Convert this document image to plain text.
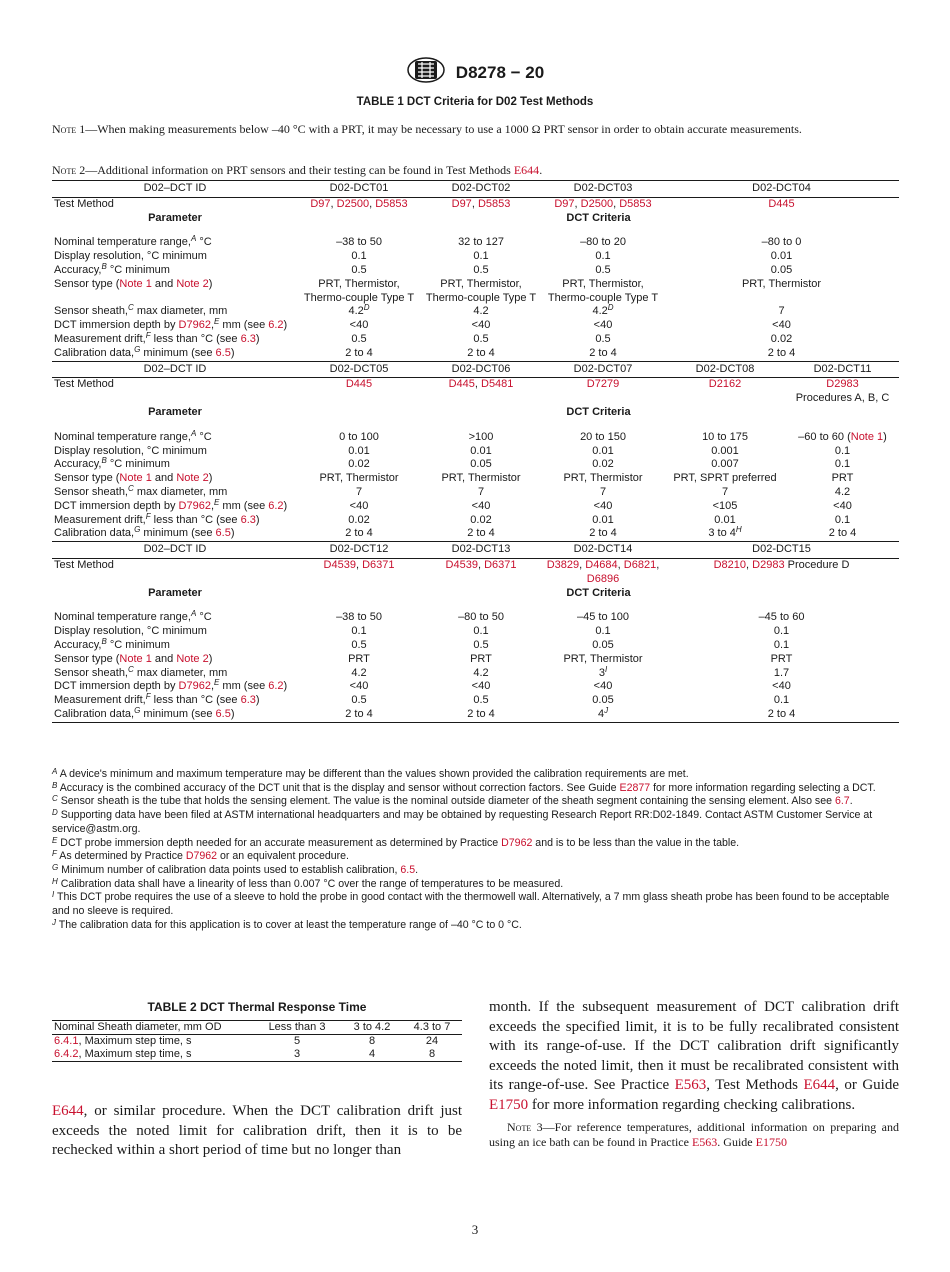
D8278 − 20
TABLE 1 DCT Criteria for D02 Test Methods
Note 1—When making measurements below –40 °C with a PRT, it may be necessary to use a 1000 Ω PRT sensor in order to obtain accurate measurements.
Note 2—Additional information on PRT sensors and their testing can be found in Test Methods E644.
D02–DCT ID	D02-DCT01	D02-DCT02	D02-DCT03	D02-DCT04	
Test Method	D97, D2500, D5853	D97, D5853	D97, D2500, D5853	D445	
Parameter	DCT Criteria				

Nominal temperature range,$^A$ °C	–38 to 50	32 to 127	–80 to 20	–80 to 0	

Display resolution, °C minimum	0.1	0.1	0.1	0.01	

Accuracy,$^B$ °C minimum	0.5	0.5	0.5	0.05	

Sensor type (Note 1 and Note 2)	PRT, Thermistor, Thermo-couple Type T	PRT, Thermistor, Thermo-couple Type T	PRT, Thermistor, Thermo-couple Type T	PRT, Thermistor	

Sensor sheath,$^C$ max diameter, mm	$4.2^D$	4.2	$4.2^D$	7	

DCT immersion depth by D7962,$^E$ mm (see 6.2)	<40	<40	<40	<40	

Measurement drift,$^F$ less than °C (see 6.3)	0.5	0.5	0.5	0.02	

Calibration data,$^G$ minimum (see 6.5)	2 to 4	2 to 4	2 to 4	2 to 4	
D02–DCT ID	D02-DCT05	D02-DCT06	D02-DCT07	D02-DCT08	D02-DCT11
Test Method	D445	D445, D5481	D7279	D2162	D2983
Procedures A, B, C
Parameter	DCT Criteria				

Nominal temperature range,$^A$ °C	0 to 100	>100	20 to 150	10 to 175	–60 to 60 (Note 1)

Display resolution, °C minimum	0.01	0.01	0.01	0.001	0.1

Accuracy,$^B$ °C minimum	0.02	0.05	0.02	0.007	0.1

Sensor type (Note 1 and Note 2)	PRT, Thermistor	PRT, Thermistor	PRT, Thermistor	PRT, SPRT preferred	PRT

Sensor sheath,$^C$ max diameter, mm	7	7	7	7	4.2

DCT immersion depth by D7962,$^E$ mm (see 6.2)	<40	<40	<40	<105	<40

Measurement drift,$^F$ less than °C (see 6.3)	0.02	0.02	0.01	0.01	0.1

Calibration data,$^G$ minimum (see 6.5)	2 to 4	2 to 4	2 to 4	3 to $4^H$	2 to 4
D02–DCT ID	D02-DCT12	D02-DCT13	D02-DCT14	D02-DCT15	
Test Method	D4539, D6371	D4539, D6371	D3829, D4684, D6821, D6896	D8210, D2983 Procedure D	
Parameter	DCT Criteria				

Nominal temperature range,$^A$ °C	–38 to 50	–80 to 50	–45 to 100	–45 to 60	

Display resolution, °C minimum	0.1	0.1	0.1	0.1	

Accuracy,$^B$ °C minimum	0.5	0.5	0.05	0.1	

Sensor type (Note 1 and Note 2)	PRT	PRT	PRT, Thermistor	PRT	

Sensor sheath,$^C$ max diameter, mm	4.2	4.2	$3^I$	1.7	

DCT immersion depth by D7962,$^E$ mm (see 6.2)	<40	<40	<40	<40	

Measurement drift,$^F$ less than °C (see 6.3)	0.5	0.5	0.05	0.1	

Calibration data,$^G$ minimum (see 6.5)	2 to 4	2 to 4	$4^J$	2 to 4	

$^A$ A device's minimum and maximum temperature may be different than the values shown provided the calibration requirements are met.

$^B$ Accuracy is the combined accuracy of the DCT unit that is the display and sensor without correction factors. See Guide E2877 for more information regarding selecting a DCT.

$^C$ Sensor sheath is the tube that holds the sensing element. The value is the nominal outside diameter of the sheath segment containing the sensing element. Also see 6.7.

$^D$ Supporting data have been filed at ASTM international headquarters and may be obtained by requesting Research Report RR:D02-1849. Contact ASTM Customer Service at service@astm.org.

$^E$ DCT probe immersion depth needed for an accurate measurement as determined by Practice D7962 and is to be less than the value in the table.

$^F$ As determined by Practice D7962 or an equivalent procedure.

$^G$ Minimum number of calibration data points used to establish calibration, 6.5.

$^H$ Calibration data shall have a linearity of less than 0.007 °C over the range of temperatures to be measured.

$^I$ This DCT probe requires the use of a sleeve to hold the probe in good contact with the thermowell wall. Alternatively, a 7 mm glass sheath probe has been found to be acceptable and no sleeve is required.

$^J$ The calibration data for this application is to cover at least the temperature range of –40 °C to 0 °C.

TABLE 2 DCT Thermal Response Time
Nominal Sheath diameter, mm OD	Less than 3	3 to 4.2	4.3 to 7
6.4.1, Maximum step time, s	5	8	24
6.4.2, Maximum step time, s	3	4	8

E644, or similar procedure. When the DCT calibration drift just exceeds the noted limit for calibration drift, then it is to be rechecked within a short period of time but no longer than

month. If the subsequent measurement of DCT calibration drift exceeds the specified limit, it is to be fully recalibrated consistent with its range-of-use. If the DCT calibration drift significantly exceeds the noted limit, then it must be recalibrated consistent with its range-of-use. See Practice E563, Test Methods E644, or Guide E1750 for more information regarding checking calibrations.

Note 3—For reference temperatures, additional information on preparing and using an ice bath can be found in Practice E563. Guide E1750

3
